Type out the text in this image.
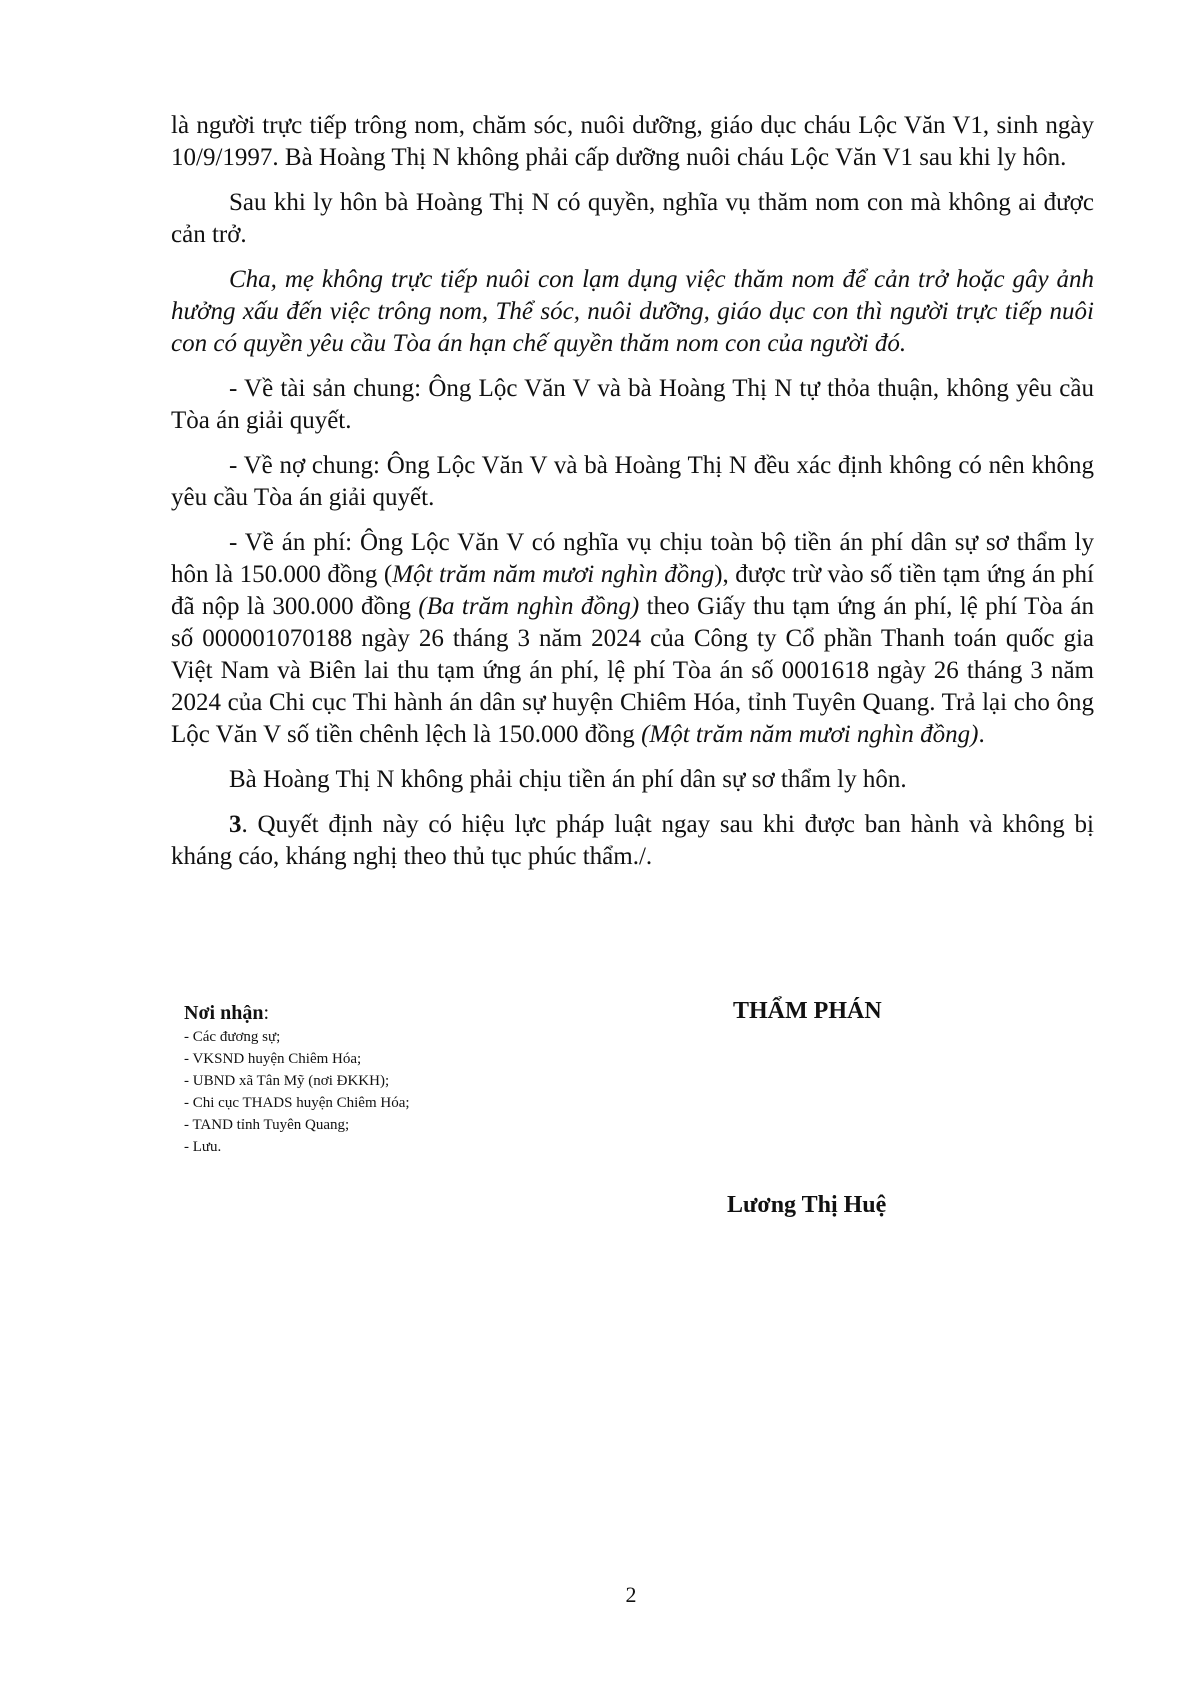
là người trực tiếp trông nom, chăm sóc, nuôi dưỡng, giáo dục cháu Lộc Văn V1, sinh ngày 10/9/1997. Bà Hoàng Thị N không phải cấp dưỡng nuôi cháu Lộc Văn V1 sau khi ly hôn.

Sau khi ly hôn bà Hoàng Thị N có quyền, nghĩa vụ thăm nom con mà không ai được cản trở.

Cha, mẹ không trực tiếp nuôi con lạm dụng việc thăm nom để cản trở hoặc gây ảnh hưởng xấu đến việc trông nom, Thể sóc, nuôi dưỡng, giáo dục con thì người trực tiếp nuôi con có quyền yêu cầu Tòa án hạn chế quyền thăm nom con của người đó.

- Về tài sản chung: Ông Lộc Văn V và bà Hoàng Thị N tự thỏa thuận, không yêu cầu Tòa án giải quyết.

- Về nợ chung: Ông Lộc Văn V và bà Hoàng Thị N đều xác định không có nên không yêu cầu Tòa án giải quyết.

- Về án phí: Ông Lộc Văn V có nghĩa vụ chịu toàn bộ tiền án phí dân sự sơ thẩm ly hôn là 150.000 đồng (Một trăm năm mươi nghìn đồng), được trừ vào số tiền tạm ứng án phí đã nộp là 300.000 đồng (Ba trăm nghìn đồng) theo Giấy thu tạm ứng án phí, lệ phí Tòa án số 000001070188 ngày 26 tháng 3 năm 2024 của Công ty Cổ phần Thanh toán quốc gia Việt Nam và Biên lai thu tạm ứng án phí, lệ phí Tòa án số 0001618 ngày 26 tháng 3 năm 2024 của Chi cục Thi hành án dân sự huyện Chiêm Hóa, tỉnh Tuyên Quang. Trả lại cho ông Lộc Văn V số tiền chênh lệch là 150.000 đồng (Một trăm năm mươi nghìn đồng).

Bà Hoàng Thị N không phải chịu tiền án phí dân sự sơ thẩm ly hôn.

3. Quyết định này có hiệu lực pháp luật ngay sau khi được ban hành và không bị kháng cáo, kháng nghị theo thủ tục phúc thẩm./.

Nơi nhận:
- Các đương sự;
- VKSND huyện Chiêm Hóa;
- UBND xã Tân Mỹ (nơi ĐKKH);
- Chi cục THADS huyện Chiêm Hóa;
- TAND tỉnh Tuyên Quang;
- Lưu.
THẨM PHÁN
Lương Thị Huệ
2
